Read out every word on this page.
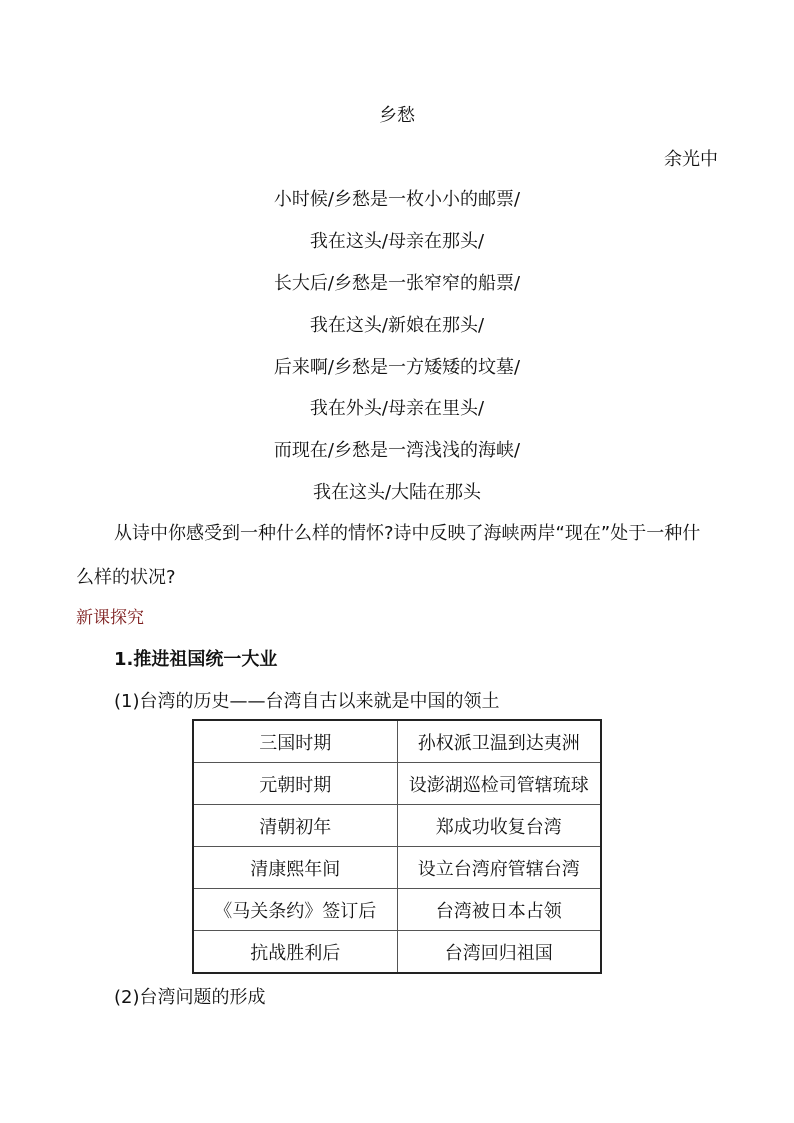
乡愁
余光中
小时候/乡愁是一枚小小的邮票/
我在这头/母亲在那头/
长大后/乡愁是一张窄窄的船票/
我在这头/新娘在那头/
后来啊/乡愁是一方矮矮的坟墓/
我在外头/母亲在里头/
而现在/乡愁是一湾浅浅的海峡/
我在这头/大陆在那头
从诗中你感受到一种什么样的情怀?诗中反映了海峡两岸“现在”处于一种什
么样的状况?
新课探究
1.推进祖国统一大业
(1)台湾的历史——台湾自古以来就是中国的领土
三国时期	孙权派卫温到达夷洲
元朝时期	设澎湖巡检司管辖琉球
清朝初年	郑成功收复台湾
清康熙年间	设立台湾府管辖台湾
《马关条约》签订后	台湾被日本占领
抗战胜利后	台湾回归祖国
(2)台湾问题的形成
